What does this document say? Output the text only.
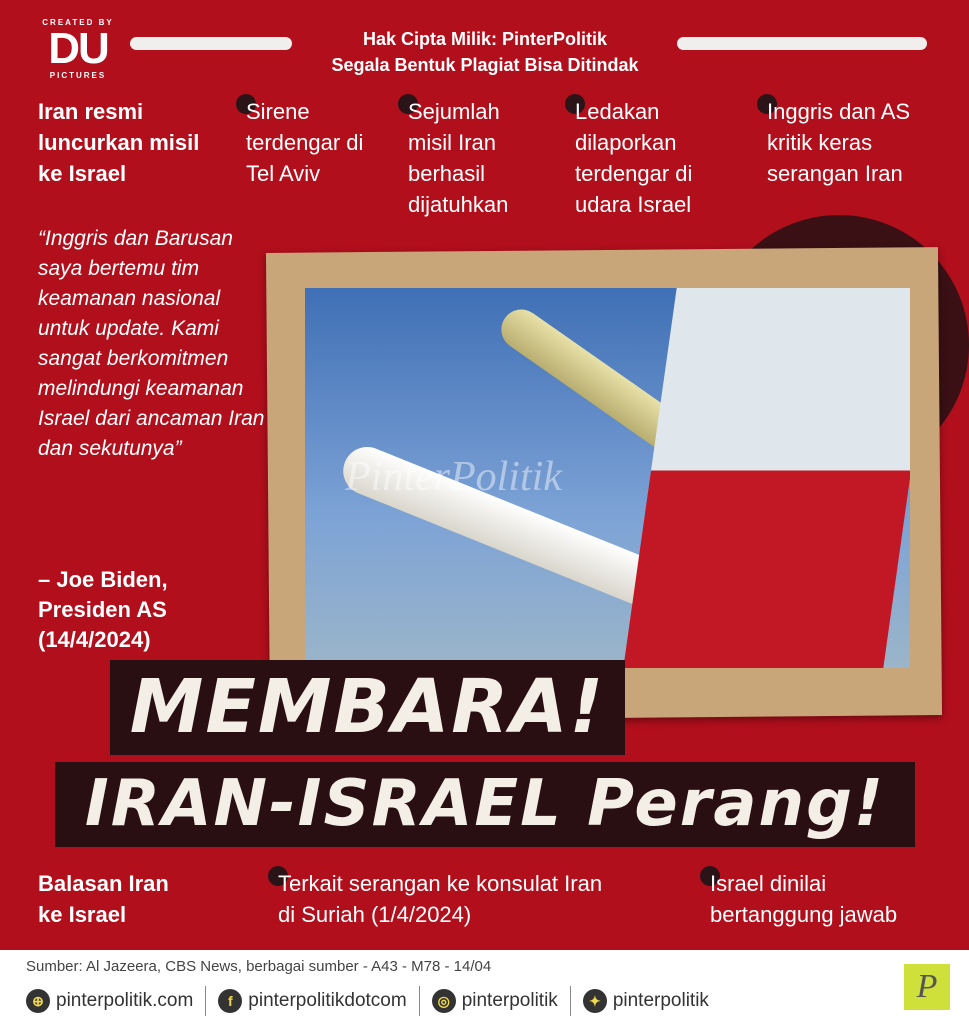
CREATED BY
DU
PICTURES
Hak Cipta Milik: PinterPolitik
Segala Bentuk Plagiat Bisa Ditindak
Iran resmi luncurkan misil ke Israel
Sirene terdengar di Tel Aviv
Sejumlah misil Iran berhasil dijatuhkan
Ledakan dilaporkan terdengar di udara Israel
Inggris dan AS kritik keras serangan Iran
PinterPolitik
“Inggris dan Barusan saya bertemu tim keamanan nasional untuk update. Kami sangat berkomitmen melindungi keamanan Israel dari ancaman Iran dan sekutunya”
– Joe Biden,
Presiden AS
(14/4/2024)
MEMBARA!
IRAN-ISRAEL Perang!
Balasan Iran ke Israel
Terkait serangan ke konsulat Iran di Suriah (1/4/2024)
Israel dinilai bertanggung jawab
Sumber: Al Jazeera, CBS News, berbagai sumber - A43 - M78 - 14/04
⊕ pinterpolitik.com	f pinterpolitikdotcom	◎ pinterpolitik	✦ pinterpolitik	P
